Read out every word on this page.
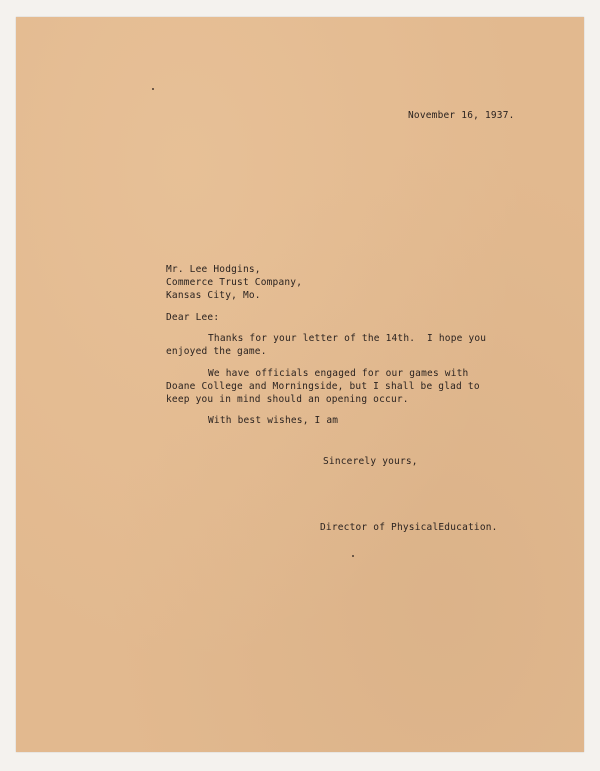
November 16, 1937.

Mr. Lee Hodgins,

Commerce Trust Company,

Kansas City, Mo.

Dear Lee:

Thanks for your letter of the 14th.  I hope you

enjoyed the game.

We have officials engaged for our games with

Doane College and Morningside, but I shall be glad to

keep you in mind should an opening occur.

With best wishes, I am

Sincerely yours,

Director of PhysicalEducation.
